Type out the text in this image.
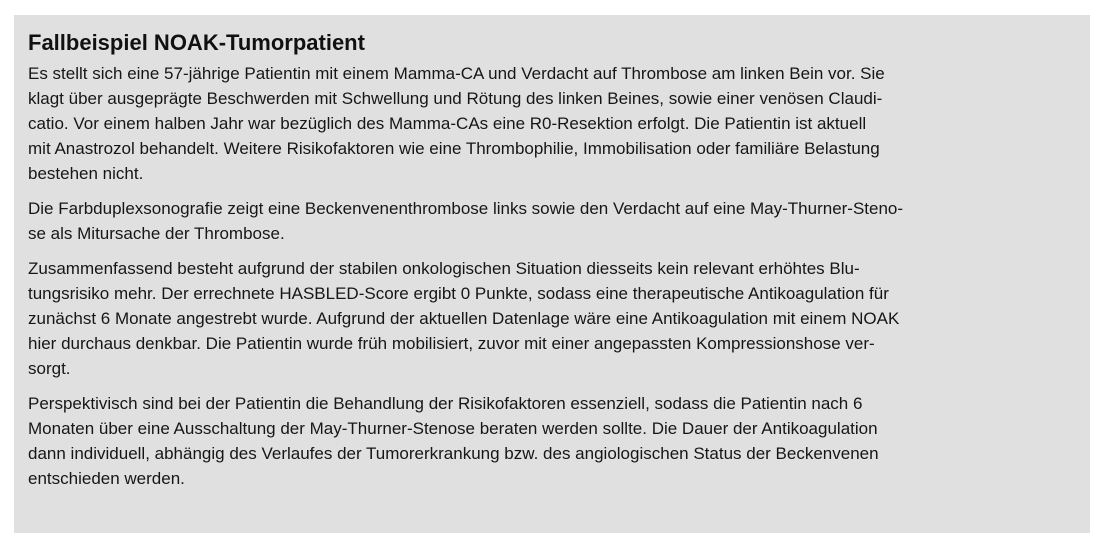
Fallbeispiel NOAK-Tumorpatient
Es stellt sich eine 57-jährige Patientin mit einem Mamma-CA und Verdacht auf Thrombose am linken Bein vor. Sie
klagt über ausgeprägte Beschwerden mit Schwellung und Rötung des linken Beines, sowie einer venösen Claudi-
catio. Vor einem halben Jahr war bezüglich des Mamma-CAs eine R0-Resektion erfolgt. Die Patientin ist aktuell
mit Anastrozol behandelt. Weitere Risikofaktoren wie eine Thrombophilie, Immobilisation oder familiäre Belastung
bestehen nicht.
Die Farbduplexsonografie zeigt eine Beckenvenenthrombose links sowie den Verdacht auf eine May-Thurner-Steno-
se als Mitursache der Thrombose.
Zusammenfassend besteht aufgrund der stabilen onkologischen Situation diesseits kein relevant erhöhtes Blu-
tungsrisiko mehr. Der errechnete HASBLED-Score ergibt 0 Punkte, sodass eine therapeutische Antikoagulation für
zunächst 6 Monate angestrebt wurde. Aufgrund der aktuellen Datenlage wäre eine Antikoagulation mit einem NOAK
hier durchaus denkbar. Die Patientin wurde früh mobilisiert, zuvor mit einer angepassten Kompressionshose ver-
sorgt.
Perspektivisch sind bei der Patientin die Behandlung der Risikofaktoren essenziell, sodass die Patientin nach 6
Monaten über eine Ausschaltung der May-Thurner-Stenose beraten werden sollte. Die Dauer der Antikoagulation
dann individuell, abhängig des Verlaufes der Tumorerkrankung bzw. des angiologischen Status der Beckenvenen
entschieden werden.
